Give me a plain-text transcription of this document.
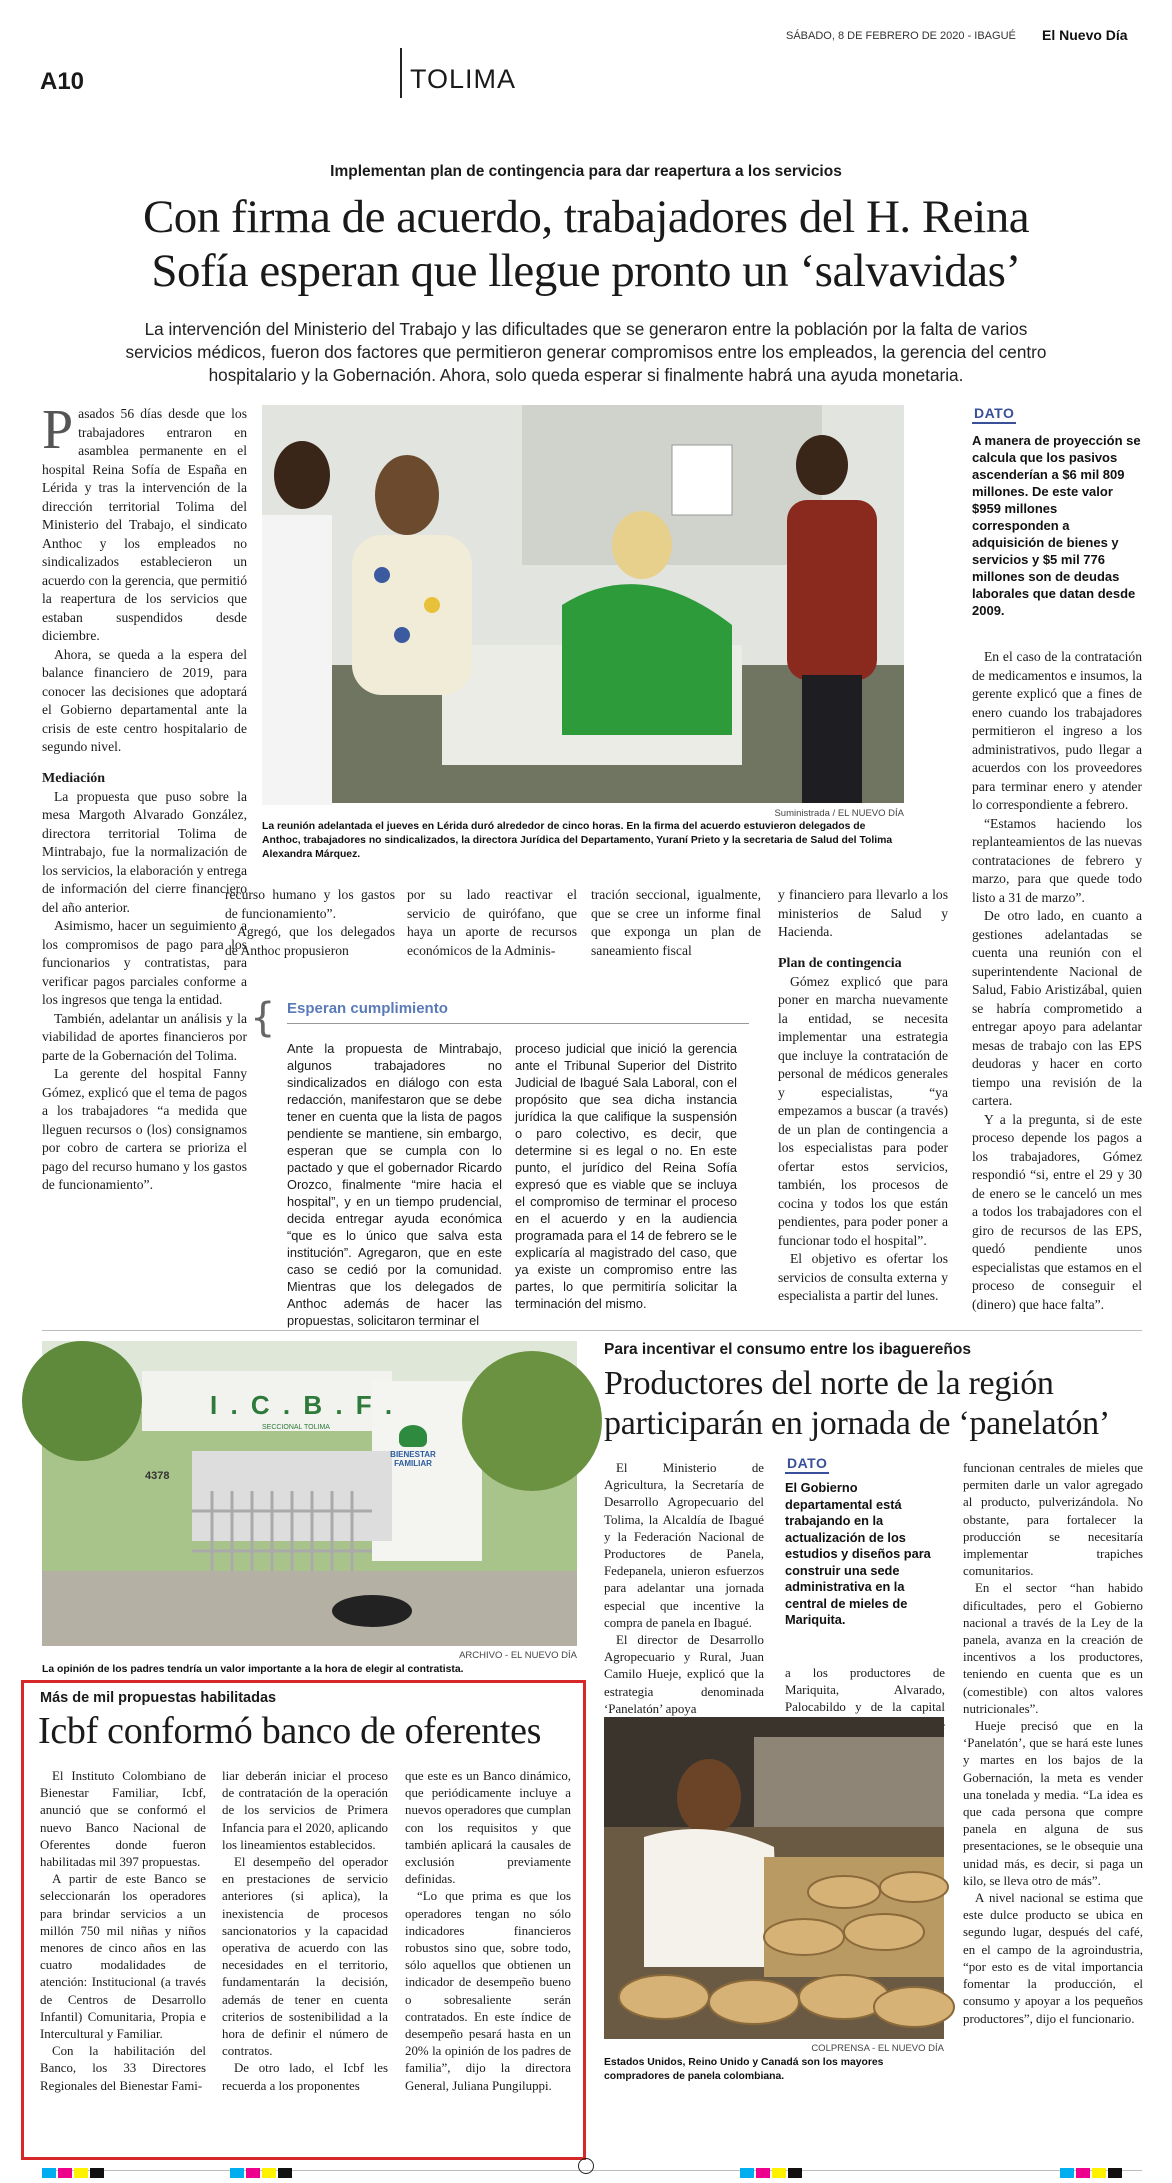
SÁBADO, 8 DE FEBRERO DE 2020 - IBAGUÉ El Nuevo Día
A10	TOLIMA
Implementan plan de contingencia para dar reapertura a los servicios
Con firma de acuerdo, trabajadores del H. Reina
Sofía esperan que llegue pronto un ‘salvavidas’
La intervención del Ministerio del Trabajo y las dificultades que se generaron entre la población por la falta de varios servicios médicos, fueron dos factores que permitieron generar compromisos entre los empleados, la gerencia del centro hospitalario y la Gobernación. Ahora, solo queda esperar si finalmente habrá una ayuda monetaria.
Suministrada / EL NUEVO DÍA
La reunión adelantada el jueves en Lérida duró alrededor de cinco horas. En la firma del acuerdo estuvieron delegados de Anthoc, trabajadores no sindicalizados, la directora Jurídica del Departamento, Yuraní Prieto y la secretaria de Salud del Tolima Alexandra Márquez.

Pasados 56 días desde que los trabajadores entraron en asamblea permanente en el hospital Reina Sofía de España en Lérida y tras la intervención de la dirección territorial Tolima del Ministerio del Trabajo, el sindicato Anthoc y los empleados no sindicalizados establecieron un acuerdo con la gerencia, que permitió la reapertura de los servicios que estaban suspendidos desde diciembre.

Ahora, se queda a la espera del balance financiero de 2019, para conocer las decisiones que adoptará el Gobierno departamental ante la crisis de este centro hospitalario de segundo nivel.

Mediación

La propuesta que puso sobre la mesa Margoth Alvarado González, directora territorial Tolima de Mintrabajo, fue la normalización de los servicios, la elaboración y entrega de información del cierre financiero del año anterior.

Asimismo, hacer un seguimiento a los compromisos de pago para los funcionarios y contratistas, para verificar pagos parciales conforme a los ingresos que tenga la entidad.

También, adelantar un análisis y la viabilidad de aportes financieros por parte de la Gobernación del Tolima.

La gerente del hospital Fanny Gómez, explicó que el tema de pagos a los trabajadores “a medida que lleguen recursos o (los) consignamos por cobro de cartera se prioriza el pago del recurso humano y los gastos de funcionamiento”.

recurso humano y los gastos de funcionamiento”.

Agregó, que los delegados de Anthoc propusieron

por su lado reactivar el servicio de quirófano, que haya un aporte de recursos económicos de la Adminis-

tración seccional, igualmente, que se cree un informe final que exponga un plan de saneamiento fiscal

y financiero para llevarlo a los ministerios de Salud y Hacienda.

Plan de contingencia

Gómez explicó que para poner en marcha nuevamente la entidad, se necesita implementar una estrategia que incluye la contratación de personal de médicos generales y especialistas, “ya empezamos a buscar (a través) de un plan de contingencia a los especialistas para poder ofertar estos servicios, también, los procesos de cocina y todos los que están pendientes, para poder poner a funcionar todo el hospital”.

El objetivo es ofertar los servicios de consulta externa y especialista a partir del lunes.

DATO
A manera de proyección se calcula que los pasivos ascenderían a $6 mil 809 millones. De este valor $959 millones corresponden a adquisición de bienes y servicios y $5 mil 776 millones son de deudas laborales que datan desde 2009.

En el caso de la contratación de medicamentos e insumos, la gerente explicó que a fines de enero cuando los trabajadores permitieron el ingreso a los administrativos, pudo llegar a acuerdos con los proveedores para terminar enero y atender lo correspondiente a febrero.

“Estamos haciendo los replanteamientos de las nuevas contrataciones de febrero y marzo, para que quede todo listo a 31 de marzo”.

De otro lado, en cuanto a gestiones adelantadas se cuenta una reunión con el superintendente Nacional de Salud, Fabio Aristizábal, quien se habría comprometido a entregar apoyo para adelantar mesas de trabajo con las EPS deudoras y hacer en corto tiempo una revisión de la cartera.

Y a la pregunta, si de este proceso depende los pagos a los trabajadores, Gómez respondió “si, entre el 29 y 30 de enero se le canceló un mes a todos los trabajadores con el giro de recursos de las EPS, quedó pendiente unos especialistas que estamos en el proceso de conseguir el (dinero) que hace falta”.

{ Esperan cumplimiento
Ante la propuesta de Mintrabajo, algunos trabajadores no sindicalizados en diálogo con esta redacción, manifestaron que se debe tener en cuenta que la lista de pagos pendiente se mantiene, sin embargo, esperan que se cumpla con lo pactado y que el gobernador Ricardo Orozco, finalmente “mire hacia el hospital”, y en un tiempo prudencial, decida entregar ayuda económica “que es lo único que salva esta institución”. Agregaron, que en este caso se cedió por la comunidad. Mientras que los delegados de Anthoc además de hacer las propuestas, solicitaron terminar el
proceso judicial que inició la gerencia ante el Tribunal Superior del Distrito Judicial de Ibagué Sala Laboral, con el propósito que sea dicha instancia jurídica la que califique la suspensión o paro colectivo, es decir, que determine si es legal o no. En este punto, el jurídico del Reina Sofía expresó que es viable que se incluya el compromiso de terminar el proceso en el acuerdo y en la audiencia programada para el 14 de febrero se le explicaría al magistrado del caso, que ya existe un compromiso entre las partes, lo que permitiría solicitar la terminación del mismo.
I . C . B . F .
SECCIONAL TOLIMA
BIENESTAR FAMILIAR
4378
ARCHIVO - EL NUEVO DÍA
La opinión de los padres tendría un valor importante a la hora de elegir al contratista.
Más de mil propuestas habilitadas
Icbf conformó banco de oferentes

El Instituto Colombiano de Bienestar Familiar, Icbf, anunció que se conformó el nuevo Banco Nacional de Oferentes donde fueron habilitadas mil 397 propuestas.

A partir de este Banco se seleccionarán los operadores para brindar servicios a un millón 750 mil niñas y niños menores de cinco años en las cuatro modalidades de atención: Institucional (a través de Centros de Desarrollo Infantil) Comunitaria, Propia e Intercultural y Familiar.

Con la habilitación del Banco, los 33 Directores Regionales del Bienestar Fami-

liar deberán iniciar el proceso de contratación de la operación de los servicios de Primera Infancia para el 2020, aplicando los lineamientos establecidos.

El desempeño del operador en prestaciones de servicio anteriores (si aplica), la inexistencia de procesos sancionatorios y la capacidad operativa de acuerdo con las necesidades en el territorio, fundamentarán la decisión, además de tener en cuenta criterios de sostenibilidad a la hora de definir el número de contratos.

De otro lado, el Icbf les recuerda a los proponentes

que este es un Banco dinámico, que periódicamente incluye a nuevos operadores que cumplan con los requisitos y que también aplicará la causales de exclusión previamente definidas.

“Lo que prima es que los operadores tengan no sólo indicadores financieros robustos sino que, sobre todo, sólo aquellos que obtienen un indicador de desempeño bueno o sobresaliente serán contratados. En este índice de desempeño pesará hasta en un 20% la opinión de los padres de familia”, dijo la directora General, Juliana Pungiluppi.

Para incentivar el consumo entre los ibaguereños
Productores del norte de la región
participarán en jornada de ‘panelatón’

El Ministerio de Agricultura, la Secretaría de Desarrollo Agropecuario del Tolima, la Alcaldía de Ibagué y la Federación Nacional de Productores de Panela, Fedepanela, unieron esfuerzos para adelantar una jornada especial que incentive la compra de panela en Ibagué.

El director de Desarrollo Agropecuario y Rural, Juan Camilo Hueje, explicó que la estrategia denominada ‘Panelatón’ apoya

DATO
El Gobierno departamental está trabajando en la actualización de los estudios y diseños para construir una sede administrativa en la central de mieles de Mariquita.

a los productores de Mariquita, Alvarado, Palocabildo y de la capital

funcionan centrales de mieles que permiten darle un valor agregado al producto, pulverizándola. No obstante, para fortalecer la producción se necesitaría implementar trapiches comunitarios.

En el sector “han habido dificultades, pero el Gobierno nacional a través de la Ley de la panela, avanza en la creación de incentivos a los productores, teniendo en cuenta que es un (comestible) con altos valores nutricionales”.

Hueje precisó que en la ‘Panelatón’, que se hará este lunes y martes en los bajos de la Gobernación, la meta es vender una tonelada y media. “La idea es que cada persona que compre panela en alguna de sus presentaciones, se le obsequie una unidad más, es decir, si paga un kilo, se lleva otro de más”.

A nivel nacional se estima que este dulce producto se ubica en segundo lugar, después del café, en el campo de la agroindustria, “por esto es de vital importancia fomentar la producción, el consumo y apoyar a los pequeños productores”, dijo el funcionario.

COLPRENSA - EL NUEVO DÍA
Estados Unidos, Reino Unido y Canadá son los mayores compradores de panela colombiana.
